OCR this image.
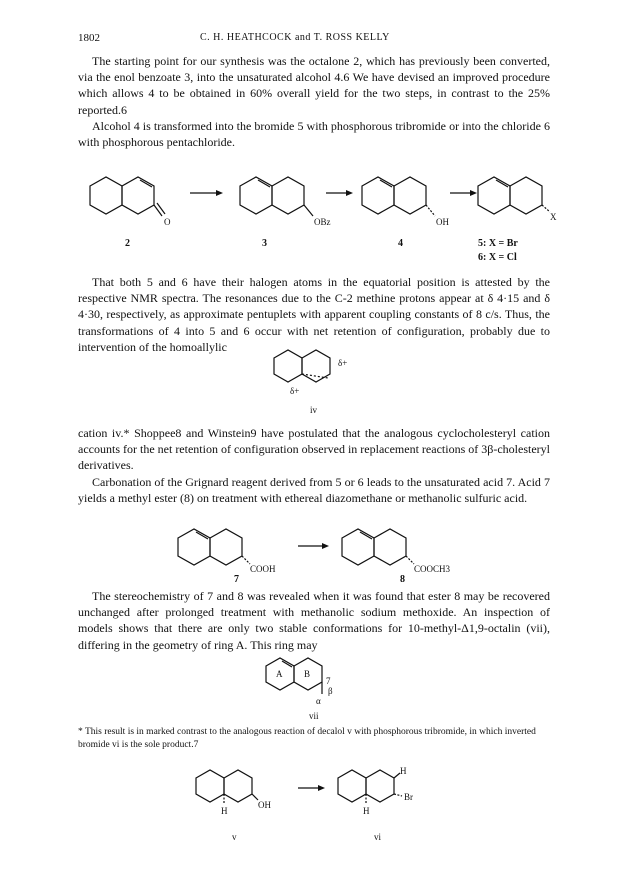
1802	C. H. HEATHCOCK and T. ROSS KELLY
The starting point for our synthesis was the octalone 2, which has previously been converted, via the enol benzoate 3, into the unsaturated alcohol 4.6 We have devised an improved procedure which allows 4 to be obtained in 60% overall yield for the two steps, in contrast to the 25% reported.6
Alcohol 4 is transformed into the bromide 5 with phosphorous tribromide or into the chloride 6 with phosphorous pentachloride.
O	OBz	OH	X
2	3	4	5: X = Br
6: X = Cl
That both 5 and 6 have their halogen atoms in the equatorial position is attested by the respective NMR spectra. The resonances due to the C-2 methine protons appear at δ 4·15 and δ 4·30, respectively, as approximate pentuplets with apparent coupling constants of 8 c/s. Thus, the transformations of 4 into 5 and 6 occur with net retention of configuration, probably due to intervention of the homoallylic
δ+
δ+
iv
cation iv.* Shoppee8 and Winstein9 have postulated that the analogous cyclocholesteryl cation accounts for the net retention of configuration observed in replacement reactions of 3β-cholesteryl derivatives.
Carbonation of the Grignard reagent derived from 5 or 6 leads to the unsaturated acid 7. Acid 7 yields a methyl ester (8) on treatment with ethereal diazomethane or methanolic sulfuric acid.
COOH	COOCH3
7	8
The stereochemistry of 7 and 8 was revealed when it was found that ester 8 may be recovered unchanged after prolonged treatment with methanolic sodium methoxide. An inspection of models shows that there are only two stable conformations for 10-methyl-Δ1,9-octalin (vii), differing in the geometry of ring A. This ring may
A B
7
β
α
vii
* This result is in marked contrast to the analogous reaction of decalol v with phosphorous tribromide, in which inverted bromide vi is the sole product.7
H
OH
H
H
Br
v	vi
